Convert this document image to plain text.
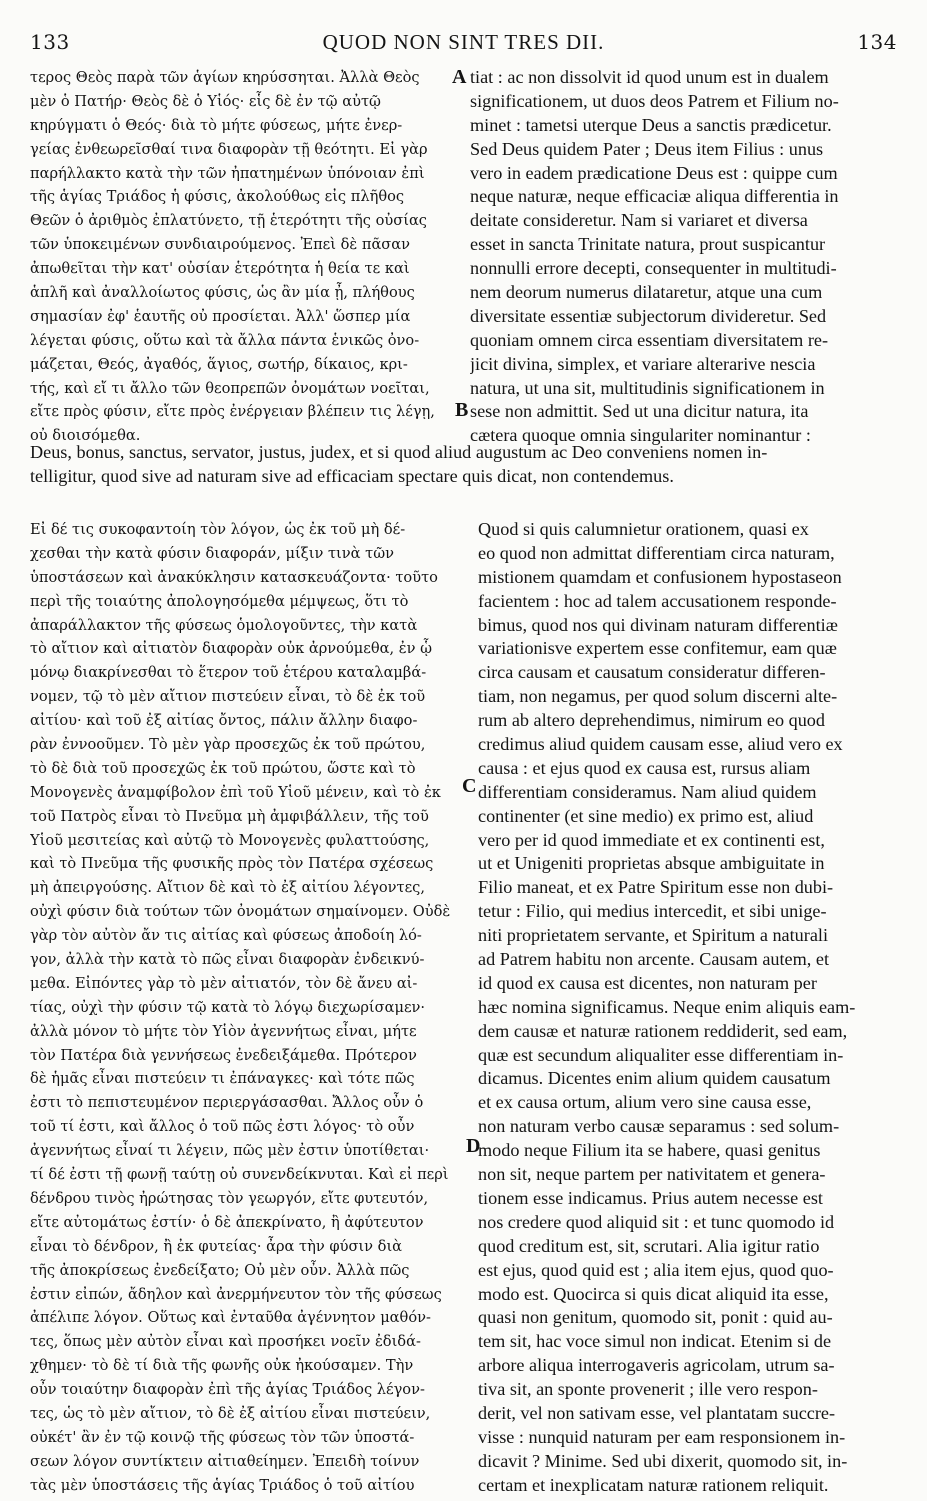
133	QUOD NON SINT TRES DII.	134
τερος Θεὸς παρὰ τῶν ἁγίων κηρύσσηται. Ἀλλὰ Θεὸς
μὲν ὁ Πατήρ· Θεὸς δὲ ὁ Υἱός· εἷς δὲ ἐν τῷ αὐτῷ
κηρύγματι ὁ Θεός· διὰ τὸ μήτε φύσεως, μήτε ἐνερ-
γείας ἐνθεωρεῖσθαί τινα διαφορὰν τῇ θεότητι. Εἰ γὰρ
παρήλλακτο κατὰ τὴν τῶν ἠπατημένων ὑπόνοιαν ἐπὶ
τῆς ἁγίας Τριάδος ἡ φύσις, ἀκολούθως εἰς πλῆθος
Θεῶν ὁ ἀριθμὸς ἐπλατύνετο, τῇ ἑτερότητι τῆς οὐσίας
τῶν ὑποκειμένων συνδιαιρούμενος. Ἐπεὶ δὲ πᾶσαν
ἀπωθεῖται τὴν κατ' οὐσίαν ἑτερότητα ἡ θεία τε καὶ
ἁπλῆ καὶ ἀναλλοίωτος φύσις, ὡς ἂν μία ᾖ, πλήθους
σημασίαν ἐφ' ἑαυτῆς οὐ προσίεται. Ἀλλ' ὥσπερ μία
λέγεται φύσις, οὕτω καὶ τὰ ἄλλα πάντα ἑνικῶς ὀνο-
μάζεται, Θεός, ἀγαθός, ἅγιος, σωτήρ, δίκαιος, κρι-
τής, καὶ εἴ τι ἄλλο τῶν θεοπρεπῶν ὀνομάτων νοεῖται,
εἴτε πρὸς φύσιν, εἴτε πρὸς ἐνέργειαν βλέπειν τις λέγῃ,
οὐ διοισόμεθα.
tiat : ac non dissolvit id quod unum est in dualem
significationem, ut duos deos Patrem et Filium no-
minet : tametsi uterque Deus a sanctis prædicetur.
Sed Deus quidem Pater ; Deus item Filius : unus
vero in eadem prædicatione Deus est : quippe cum
neque naturæ, neque efficaciæ aliqua differentia in
deitate consideretur. Nam si variaret et diversa
esset in sancta Trinitate natura, prout suspicantur
nonnulli errore decepti, consequenter in multitudi-
nem deorum numerus dilataretur, atque una cum
diversitate essentiæ subjectorum divideretur. Sed
quoniam omnem circa essentiam diversitatem re-
jicit divina, simplex, et variare alterarive nescia
natura, ut una sit, multitudinis significationem in
sese non admittit. Sed ut una dicitur natura, ita
cætera quoque omnia singulariter nominantur :
Deus, bonus, sanctus, servator, justus, judex, et si quod aliud augustum ac Deo conveniens nomen in-
telligitur, quod sive ad naturam sive ad efficaciam spectare quis dicat, non contendemus.
Εἰ δέ τις συκοφαντοίη τὸν λόγον, ὡς ἐκ τοῦ μὴ δέ-
χεσθαι τὴν κατὰ φύσιν διαφοράν, μίξιν τινὰ τῶν
ὑποστάσεων καὶ ἀνακύκλησιν κατασκευάζοντα· τοῦτο
περὶ τῆς τοιαύτης ἀπολογησόμεθα μέμψεως, ὅτι τὸ
ἀπαράλλακτον τῆς φύσεως ὁμολογοῦντες, τὴν κατὰ
τὸ αἴτιον καὶ αἰτιατὸν διαφορὰν οὐκ ἀρνούμεθα, ἐν ᾧ
μόνῳ διακρίνεσθαι τὸ ἕτερον τοῦ ἑτέρου καταλαμβά-
νομεν, τῷ τὸ μὲν αἴτιον πιστεύειν εἶναι, τὸ δὲ ἐκ τοῦ
αἰτίου· καὶ τοῦ ἐξ αἰτίας ὄντος, πάλιν ἄλλην διαφο-
ρὰν ἐννοοῦμεν. Τὸ μὲν γὰρ προσεχῶς ἐκ τοῦ πρώτου,
τὸ δὲ διὰ τοῦ προσεχῶς ἐκ τοῦ πρώτου, ὥστε καὶ τὸ
Μονογενὲς ἀναμφίβολον ἐπὶ τοῦ Υἱοῦ μένειν, καὶ τὸ ἐκ
τοῦ Πατρὸς εἶναι τὸ Πνεῦμα μὴ ἀμφιβάλλειν, τῆς τοῦ
Υἱοῦ μεσιτείας καὶ αὐτῷ τὸ Μονογενὲς φυλαττούσης,
καὶ τὸ Πνεῦμα τῆς φυσικῆς πρὸς τὸν Πατέρα σχέσεως
μὴ ἀπειργούσης. Αἴτιον δὲ καὶ τὸ ἐξ αἰτίου λέγοντες,
οὐχὶ φύσιν διὰ τούτων τῶν ὀνομάτων σημαίνομεν. Οὐδὲ
γὰρ τὸν αὐτὸν ἄν τις αἰτίας καὶ φύσεως ἀποδοίη λό-
γον, ἀλλὰ τὴν κατὰ τὸ πῶς εἶναι διαφορὰν ἐνδεικνύ-
μεθα. Εἰπόντες γὰρ τὸ μὲν αἰτιατόν, τὸν δὲ ἄνευ αἰ-
τίας, οὐχὶ τὴν φύσιν τῷ κατὰ τὸ λόγῳ διεχωρίσαμεν·
ἀλλὰ μόνον τὸ μήτε τὸν Υἱὸν ἀγεννήτως εἶναι, μήτε
τὸν Πατέρα διὰ γεννήσεως ἐνεδειξάμεθα. Πρότερον
δὲ ἡμᾶς εἶναι πιστεύειν τι ἐπάναγκες· καὶ τότε πῶς
ἐστι τὸ πεπιστευμένον περιεργάσασθαι. Ἄλλος οὖν ὁ
τοῦ τί ἐστι, καὶ ἄλλος ὁ τοῦ πῶς ἐστι λόγος· τὸ οὖν
ἀγεννήτως εἶναί τι λέγειν, πῶς μὲν ἐστιν ὑποτίθεται·
τί δέ ἐστι τῇ φωνῇ ταύτῃ οὐ συνενδείκνυται. Καὶ εἰ περὶ
δένδρου τινὸς ἠρώτησας τὸν γεωργόν, εἴτε φυτευτόν,
εἴτε αὐτομάτως ἐστίν· ὁ δὲ ἀπεκρίνατο, ἢ ἀφύτευτον
εἶναι τὸ δένδρον, ἢ ἐκ φυτείας· ἆρα τὴν φύσιν διὰ
τῆς ἀποκρίσεως ἐνεδείξατο; Οὐ μὲν οὖν. Ἀλλὰ πῶς
ἐστιν εἰπών, ἄδηλον καὶ ἀνερμήνευτον τὸν τῆς φύσεως
ἀπέλιπε λόγον. Οὕτως καὶ ἐνταῦθα ἀγέννητον μαθόν-
τες, ὅπως μὲν αὐτὸν εἶναι καὶ προσήκει νοεῖν ἐδιδά-
χθημεν· τὸ δὲ τί διὰ τῆς φωνῆς οὐκ ἠκούσαμεν. Τὴν
οὖν τοιαύτην διαφορὰν ἐπὶ τῆς ἁγίας Τριάδος λέγον-
τες, ὡς τὸ μὲν αἴτιον, τὸ δὲ ἐξ αἰτίου εἶναι πιστεύειν,
οὐκέτ' ἂν ἐν τῷ κοινῷ τῆς φύσεως τὸν τῶν ὑποστά-
σεων λόγον συντίκτειν αἰτιαθείημεν. Ἐπειδὴ τοίνυν
τὰς μὲν ὑποστάσεις τῆς ἁγίας Τριάδος ὁ τοῦ αἰτίου
Quod si quis calumnietur orationem, quasi ex
eo quod non admittat differentiam circa naturam,
mistionem quamdam et confusionem hypostaseon
facientem : hoc ad talem accusationem responde-
bimus, quod nos qui divinam naturam differentiæ
variationisve expertem esse confitemur, eam quæ
circa causam et causatum consideratur differen-
tiam, non negamus, per quod solum discerni alte-
rum ab altero deprehendimus, nimirum eo quod
credimus aliud quidem causam esse, aliud vero ex
causa : et ejus quod ex causa est, rursus aliam
differentiam consideramus. Nam aliud quidem
continenter (et sine medio) ex primo est, aliud
vero per id quod immediate et ex continenti est,
ut et Unigeniti proprietas absque ambiguitate in
Filio maneat, et ex Patre Spiritum esse non dubi-
tetur : Filio, qui medius intercedit, et sibi unige-
niti proprietatem servante, et Spiritum a naturali
ad Patrem habitu non arcente. Causam autem, et
id quod ex causa est dicentes, non naturam per
hæc nomina significamus. Neque enim aliquis eam-
dem causæ et naturæ rationem reddiderit, sed eam,
quæ est secundum aliqualiter esse differentiam in-
dicamus. Dicentes enim alium quidem causatum
et ex causa ortum, alium vero sine causa esse,
non naturam verbo causæ separamus : sed solum-
modo neque Filium ita se habere, quasi genitus
non sit, neque partem per nativitatem et genera-
tionem esse indicamus. Prius autem necesse est
nos credere quod aliquid sit : et tunc quomodo id
quod creditum est, sit, scrutari. Alia igitur ratio
est ejus, quod quid est ; alia item ejus, quod quo-
modo est. Quocirca si quis dicat aliquid ita esse,
quasi non genitum, quomodo sit, ponit : quid au-
tem sit, hac voce simul non indicat. Etenim si de
arbore aliqua interrogaveris agricolam, utrum sa-
tiva sit, an sponte provenerit ; ille vero respon-
derit, vel non sativam esse, vel plantatam succre-
visse : nunquid naturam per eam responsionem in-
dicavit ? Minime. Sed ubi dixerit, quomodo sit, in-
certam et inexplicatam naturæ rationem reliquit.
A
B
C
D
